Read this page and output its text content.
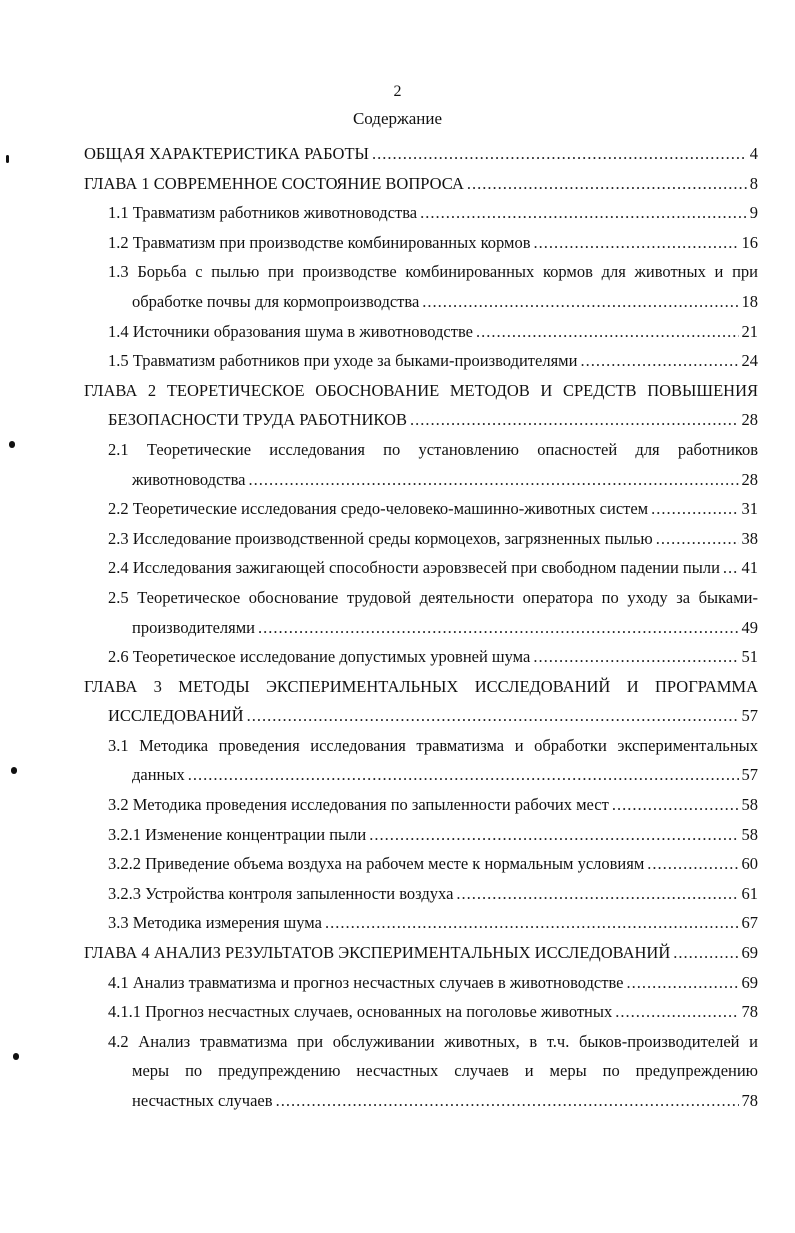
2
Содержание
ОБЩАЯ ХАРАКТЕРИСТИКА РАБОТЫ .....	4
ГЛАВА 1 СОВРЕМЕННОЕ СОСТОЯНИЕ ВОПРОСА .....	8
1.1 Травматизм работников животноводства .....	9
1.2 Травматизм при производстве комбинированных кормов .....	16
1.3 Борьба с пылью при производстве комбинированных кормов для животных и при
обработке почвы для кормопроизводства .....	18
1.4 Источники образования шума в животноводстве .....	21
1.5 Травматизм работников при уходе за быками-производителями .....	24
ГЛАВА 2 ТЕОРЕТИЧЕСКОЕ ОБОСНОВАНИЕ МЕТОДОВ И СРЕДСТВ ПОВЫШЕНИЯ
БЕЗОПАСНОСТИ ТРУДА РАБОТНИКОВ .....	28
2.1 Теоретические исследования по установлению опасностей для работников
животноводства .....	28
2.2 Теоретические исследования средо-человеко-машинно-животных систем .....	31
2.3 Исследование производственной среды кормоцехов, загрязненных пылью .....	38
2.4 Исследования зажигающей способности аэровзвесей при свободном падении пыли ..... 41
2.5 Теоретическое обоснование трудовой деятельности оператора по уходу за быками-
производителями .....	49
2.6 Теоретическое исследование допустимых уровней шума .....	51
ГЛАВА 3 МЕТОДЫ ЭКСПЕРИМЕНТАЛЬНЫХ ИССЛЕДОВАНИЙ И ПРОГРАММА
ИССЛЕДОВАНИЙ .....	57
3.1 Методика проведения исследования травматизма и обработки экспериментальных
данных .....	57
3.2 Методика проведения исследования по запыленности рабочих мест .....	58
3.2.1 Изменение концентрации пыли .....	58
3.2.2 Приведение объема воздуха на рабочем месте к нормальным условиям .....	60
3.2.3 Устройства контроля запыленности воздуха .....	61
3.3 Методика измерения шума .....	67
ГЛАВА 4 АНАЛИЗ РЕЗУЛЬТАТОВ ЭКСПЕРИМЕНТАЛЬНЫХ ИССЛЕДОВАНИЙ .....	69
4.1 Анализ травматизма и прогноз несчастных случаев в животноводстве .....	69
4.1.1 Прогноз несчастных случаев, основанных на поголовье животных .....	78
4.2 Анализ травматизма при обслуживании животных, в т.ч. быков-производителей и
меры по предупреждению несчастных случаев и меры по предупреждению
несчастных случаев .....	78
